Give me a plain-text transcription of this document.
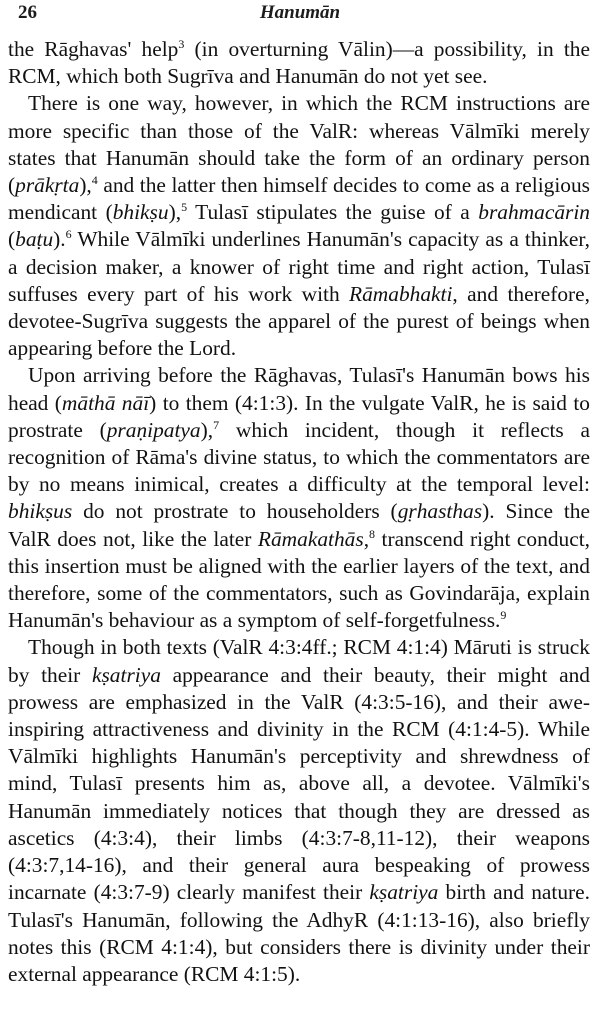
26	Hanumān

the Rāghavas' help$^3$ (in overturning Vālin)—a possibility, in the RCM, which both Sugrīva and Hanumān do not yet see.

There is one way, however, in which the RCM instructions are more specific than those of the ValR: whereas Vālmīki merely states that Hanumān should take the form of an ordinary person (prākṛta),$^4$ and the latter then himself decides to come as a religious mendicant (bhikṣu),$^5$ Tulasī stipulates the guise of a brahmacārin (baṭu).$^6$ While Vālmīki underlines Hanumān's capacity as a thinker, a decision maker, a knower of right time and right action, Tulasī suffuses every part of his work with Rāmabhakti, and therefore, devotee-Sugrīva suggests the apparel of the purest of beings when appearing before the Lord.

Upon arriving before the Rāghavas, Tulasī's Hanumān bows his head (māthā nāī) to them (4:1:3). In the vulgate ValR, he is said to prostrate (praṇipatya),$^7$ which incident, though it reflects a recognition of Rāma's divine status, to which the commentators are by no means inimical, creates a difficulty at the temporal level: bhikṣus do not prostrate to householders (gṛhasthas). Since the ValR does not, like the later Rāmakathās,$^8$ transcend right conduct, this insertion must be aligned with the earlier layers of the text, and therefore, some of the commentators, such as Govindarāja, explain Hanumān's behaviour as a symptom of self-forgetfulness.$^9$

Though in both texts (ValR 4:3:4ff.; RCM 4:1:4) Māruti is struck by their kṣatriya appearance and their beauty, their might and prowess are emphasized in the ValR (4:3:5-16), and their awe-inspiring attractiveness and divinity in the RCM (4:1:4-5). While Vālmīki highlights Hanumān's perceptivity and shrewdness of mind, Tulasī presents him as, above all, a devotee. Vālmīki's Hanumān immediately notices that though they are dressed as ascetics (4:3:4), their limbs (4:3:7-8,11-12), their weapons (4:3:7,14-16), and their general aura bespeaking of prowess incarnate (4:3:7-9) clearly manifest their kṣatriya birth and nature. Tulasī's Hanumān, following the AdhyR (4:1:13-16), also briefly notes this (RCM 4:1:4), but considers there is divinity under their external appearance (RCM 4:1:5).
